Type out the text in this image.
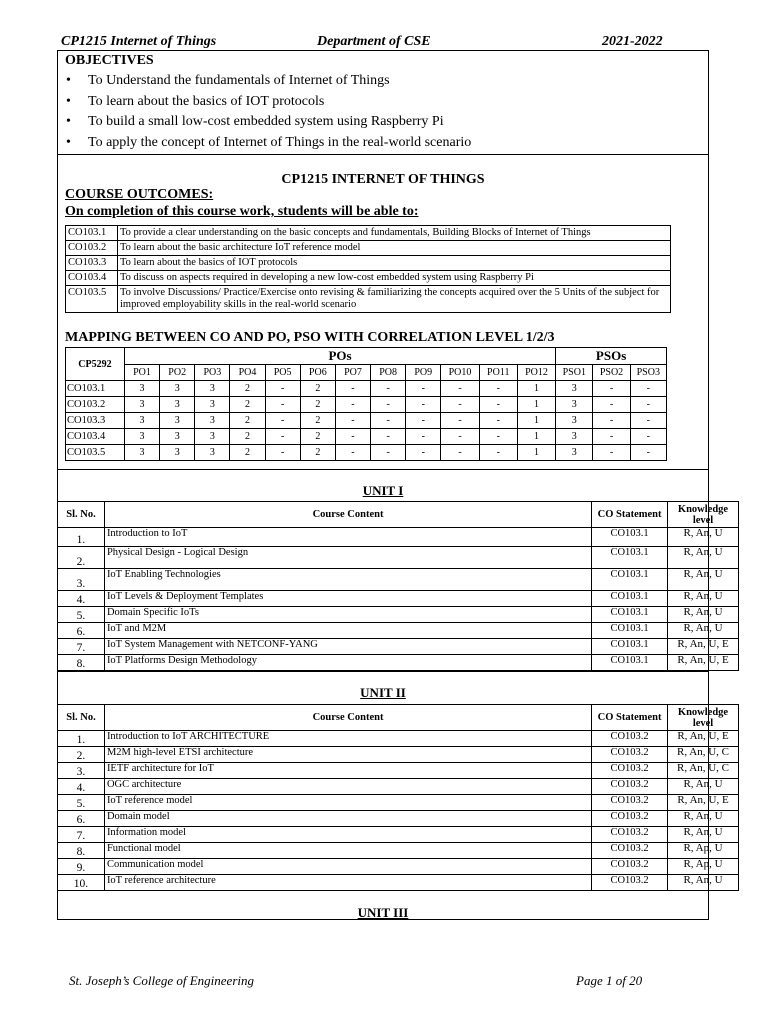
CP1215 Internet of Things	Department of CSE	2021-2022
OBJECTIVES
• To Understand the fundamentals of Internet of Things
• To learn about the basics of IOT protocols
• To build a small low-cost embedded system using Raspberry Pi
• To apply the concept of Internet of Things in the real-world scenario
CP1215 INTERNET OF THINGS
COURSE OUTCOMES:
On completion of this course work, students will be able to:
CO103.1	To provide a clear understanding on the basic concepts and fundamentals, Building Blocks of Internet of Things
CO103.2	To learn about the basic architecture IoT reference model
CO103.3	To learn about the basics of IOT protocols
CO103.4	To discuss on aspects required in developing a new low-cost embedded system using Raspberry Pi
CO103.5	To involve Discussions/ Practice/Exercise onto revising & familiarizing the concepts acquired over the 5 Units of the subject for improved employability skills in the real-world scenario
MAPPING BETWEEN CO AND PO, PSO WITH CORRELATION LEVEL 1/2/3
CP5292	POs												PSOs		
	PO1	PO2	PO3	PO4	PO5	PO6	PO7	PO8	PO9	PO10	PO11	PO12	PSO1	PSO2	PSO3
CO103.1	3	3	3	2	-	2	-	-	-	-	-	1	3	-	-
CO103.2	3	3	3	2	-	2	-	-	-	-	-	1	3	-	-
CO103.3	3	3	3	2	-	2	-	-	-	-	-	1	3	-	-
CO103.4	3	3	3	2	-	2	-	-	-	-	-	1	3	-	-
CO103.5	3	3	3	2	-	2	-	-	-	-	-	1	3	-	-
UNIT I
Sl. No.	Course Content	CO Statement	Knowledge level
1.	Introduction to IoT	CO103.1	R, An, U
2.	Physical Design - Logical Design	CO103.1	R, An, U
3.	IoT Enabling Technologies	CO103.1	R, An, U
4.	IoT Levels & Deployment Templates	CO103.1	R, An, U
5.	Domain Specific IoTs	CO103.1	R, An, U
6.	IoT and M2M	CO103.1	R, An, U
7.	IoT System Management with NETCONF-YANG	CO103.1	R, An, U, E
8.	IoT Platforms Design Methodology	CO103.1	R, An, U, E
UNIT II
Sl. No.	Course Content	CO Statement	Knowledge level
1.	Introduction to IoT ARCHITECTURE	CO103.2	R, An, U, E
2.	M2M high-level ETSI architecture	CO103.2	R, An, U, C
3.	IETF architecture for IoT	CO103.2	R, An, U, C
4.	OGC architecture	CO103.2	R, An, U
5.	IoT reference model	CO103.2	R, An, U, E
6.	Domain model	CO103.2	R, An, U
7.	Information model	CO103.2	R, An, U
8.	Functional model	CO103.2	R, Ap, U
9.	Communication model	CO103.2	R, Ap, U
10.	IoT reference architecture	CO103.2	R, An, U
UNIT III
St. Joseph’s College of Engineering	Page 1 of 20
